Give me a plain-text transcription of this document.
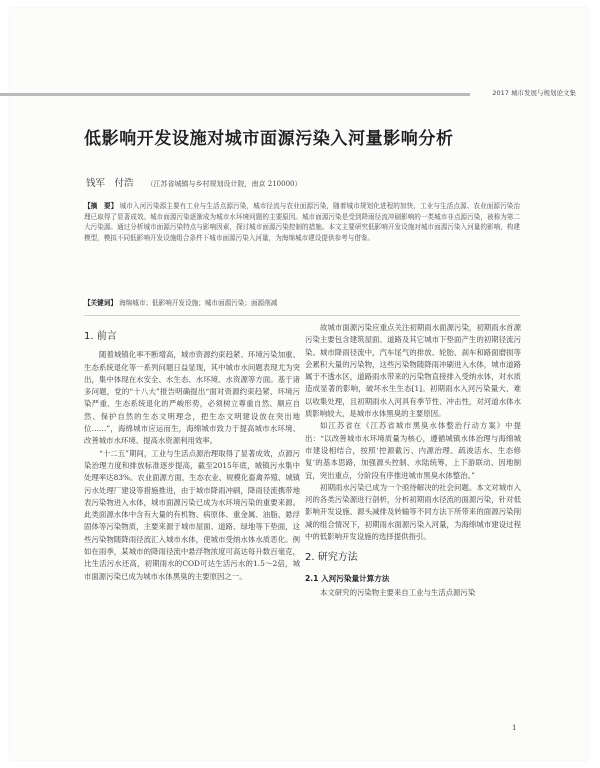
2017 城市发展与规划论文集
低影响开发设施对城市面源污染入河量影响分析
钱军　付浩 （江苏省城镇与乡村规划设计院，南京 210000）
【摘　要】 城市入河污染源主要有工业与生活点源污染，城市径流与农业面源污染，随着城市规划化进程的加快，工业与生活点源、农业面源污染治理已取得了显著成效。城市面源污染逐渐成为城市水环境问题的主要原因。城市面源污染是受到降雨径流冲刷影响的一类城市非点源污染，被称为第二大污染源。通过分析城市面源污染特点与影响因素，探讨城市面源污染控制的措施。本文主要研究低影响开发设施对城市面源污染入河量的影响，构建模型，模拟不同低影响开发设施组合条件下城市面源污染入河量，为海绵城市建设提供参考与借鉴。
【关键词】 海绵城市；低影响开发设施；城市面源污染；面源削减
1. 前言

随着城镇化率不断增高，城市资源约束趋紧、环境污染加重、生态系统退化等一系列问题日益显现，其中城市水问题表现尤为突出，集中体现在水安全、水生态、水环境、水资源等方面。基于诸多问题，党的“十八大”报告明确提出“面对资源约束趋紧、环境污染严重、生态系统退化的严峻形势，必须树立尊重自然、顺应自然、保护自然的生态文明理念，把生态文明建设放在突出地位……”，海绵城市应运而生，海绵城市致力于提高城市水环境、改善城市水环境、提高水资源利用效率。

“十二五”期间，工业与生活点源治理取得了显著成效，点源污染治理力度和排放标准逐步提高，截至2015年底，城镇污水集中处理率达83%。农业面源方面，生态农业、规模化畜禽养殖、城镇污水处理厂建设等措施推进，由于城市降雨冲刷，降雨径流携带地表污染物进入水体，城市面源污染已成为水环境污染的重要来源。此类面源水体中含有大量的有机物、病原体、重金属、油脂、悬浮固体等污染物质，主要来源于城市屋面、道路、绿地等下垫面，这些污染物随降雨径流汇入城市水体，使城市受纳水体水质恶化。例如在雨季，某城市的降雨径流中悬浮物浓度可高达每升数百毫克，比生活污水还高，初期雨水的COD可达生活污水的1.5～2倍，城市面源污染已成为城市水体黑臭的主要原因之一。

故城市面源污染应重点关注初期雨水面源污染，初期雨水首源污染主要包含建筑屋面、道路及其它城市下垫面产生的初期径流污染。城市降雨径流中，汽车尾气的排放、轮胎、刹车和路面磨损等会累积大量的污染物，这些污染物随降雨冲刷进入水体，城市道路属于不透水区，道路雨水带来的污染物直接排入受纳水体，对水质造成显著的影响，破坏水生生态[1]。初期雨水入河污染量大、难以收集处理，且初期雨水入河具有季节性、冲击性，对河道水体水质影响较大，是城市水体黑臭的主要原因。

如江苏省在《江苏省城市黑臭水体整治行动方案》中提出：“以改善城市水环境质量为核心，遵循城镇水体治理与海绵城市建设相结合，按照‘控源截污、内源治理、疏浚活水、生态修复’的基本思路，加强源头控制、水陆统筹，上下游联动、因地制宜，突出重点，分阶段有序推进城市黑臭水体整治。”

初期雨水污染已成为一个亟待解决的社会问题。本文对城市入河的各类污染源进行剖析，分析初期雨水径流的面源污染，针对低影响开发设施、源头减排及转输等不同方法下所带来的面源污染削减的组合情况下，初期雨水面源污染入河量，为海绵城市建设过程中的低影响开发设施的选择提供指引。

2. 研究方法
2.1 入河污染量计算方法

本文研究的污染物主要来自工业与生活点源污染

1
